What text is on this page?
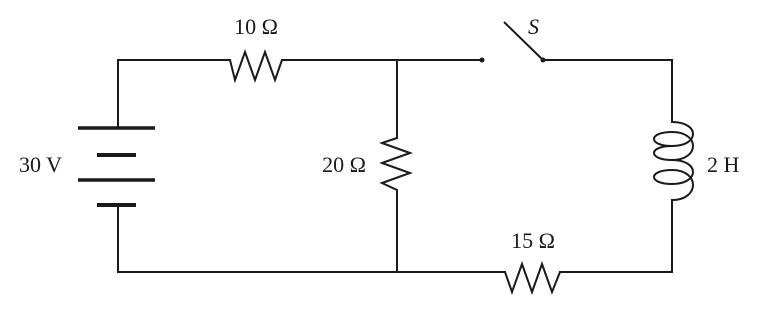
30 V
10 Ω
20 Ω
S
2 H
15 Ω
